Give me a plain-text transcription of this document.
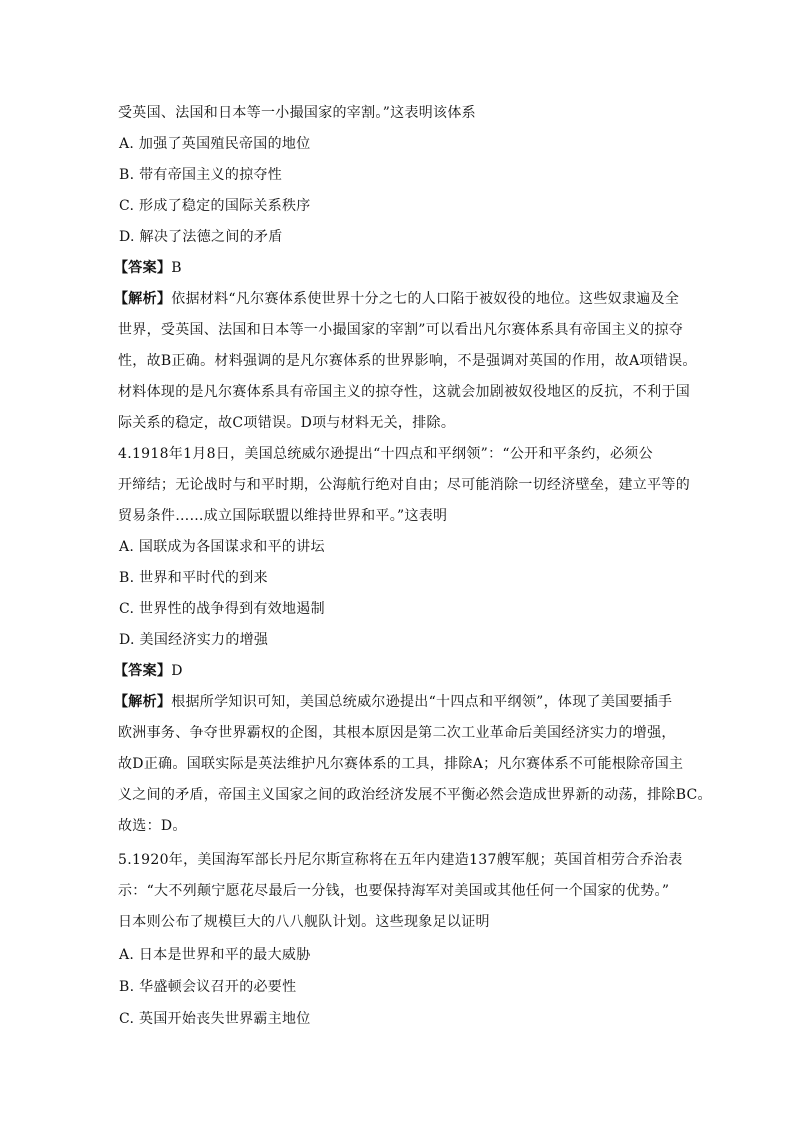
受英国、法国和日本等一小撮国家的宰割。”这表明该体系
A. 加强了英国殖民帝国的地位
B. 带有帝国主义的掠夺性
C. 形成了稳定的国际关系秩序
D. 解决了法德之间的矛盾
【答案】B
【解析】依据材料“凡尔赛体系使世界十分之七的人口陷于被奴役的地位。这些奴隶遍及全
世界，受英国、法国和日本等一小撮国家的宰割”可以看出凡尔赛体系具有帝国主义的掠夺
性，故B正确。材料强调的是凡尔赛体系的世界影响，不是强调对英国的作用，故A项错误。
材料体现的是凡尔赛体系具有帝国主义的掠夺性，这就会加剧被奴役地区的反抗，不利于国
际关系的稳定，故C项错误。D项与材料无关，排除。
4.1918年1月8日，美国总统威尔逊提出“十四点和平纲领”：“公开和平条约，必须公
开缔结；无论战时与和平时期，公海航行绝对自由；尽可能消除一切经济壁垒，建立平等的
贸易条件……成立国际联盟以维持世界和平。”这表明
A. 国联成为各国谋求和平的讲坛
B. 世界和平时代的到来
C. 世界性的战争得到有效地遏制
D. 美国经济实力的增强
【答案】D
【解析】根据所学知识可知，美国总统威尔逊提出“十四点和平纲领”，体现了美国要插手
欧洲事务、争夺世界霸权的企图，其根本原因是第二次工业革命后美国经济实力的增强，
故D正确。国联实际是英法维护凡尔赛体系的工具，排除A；凡尔赛体系不可能根除帝国主
义之间的矛盾，帝国主义国家之间的政治经济发展不平衡必然会造成世界新的动荡，排除BC。
故选：D。
5.1920年，美国海军部长丹尼尔斯宣称将在五年内建造137艘军舰；英国首相劳合乔治表
示：“大不列颠宁愿花尽最后一分钱，也要保持海军对美国或其他任何一个国家的优势。”
日本则公布了规模巨大的八八舰队计划。这些现象足以证明
A. 日本是世界和平的最大威胁
B. 华盛顿会议召开的必要性
C. 英国开始丧失世界霸主地位
